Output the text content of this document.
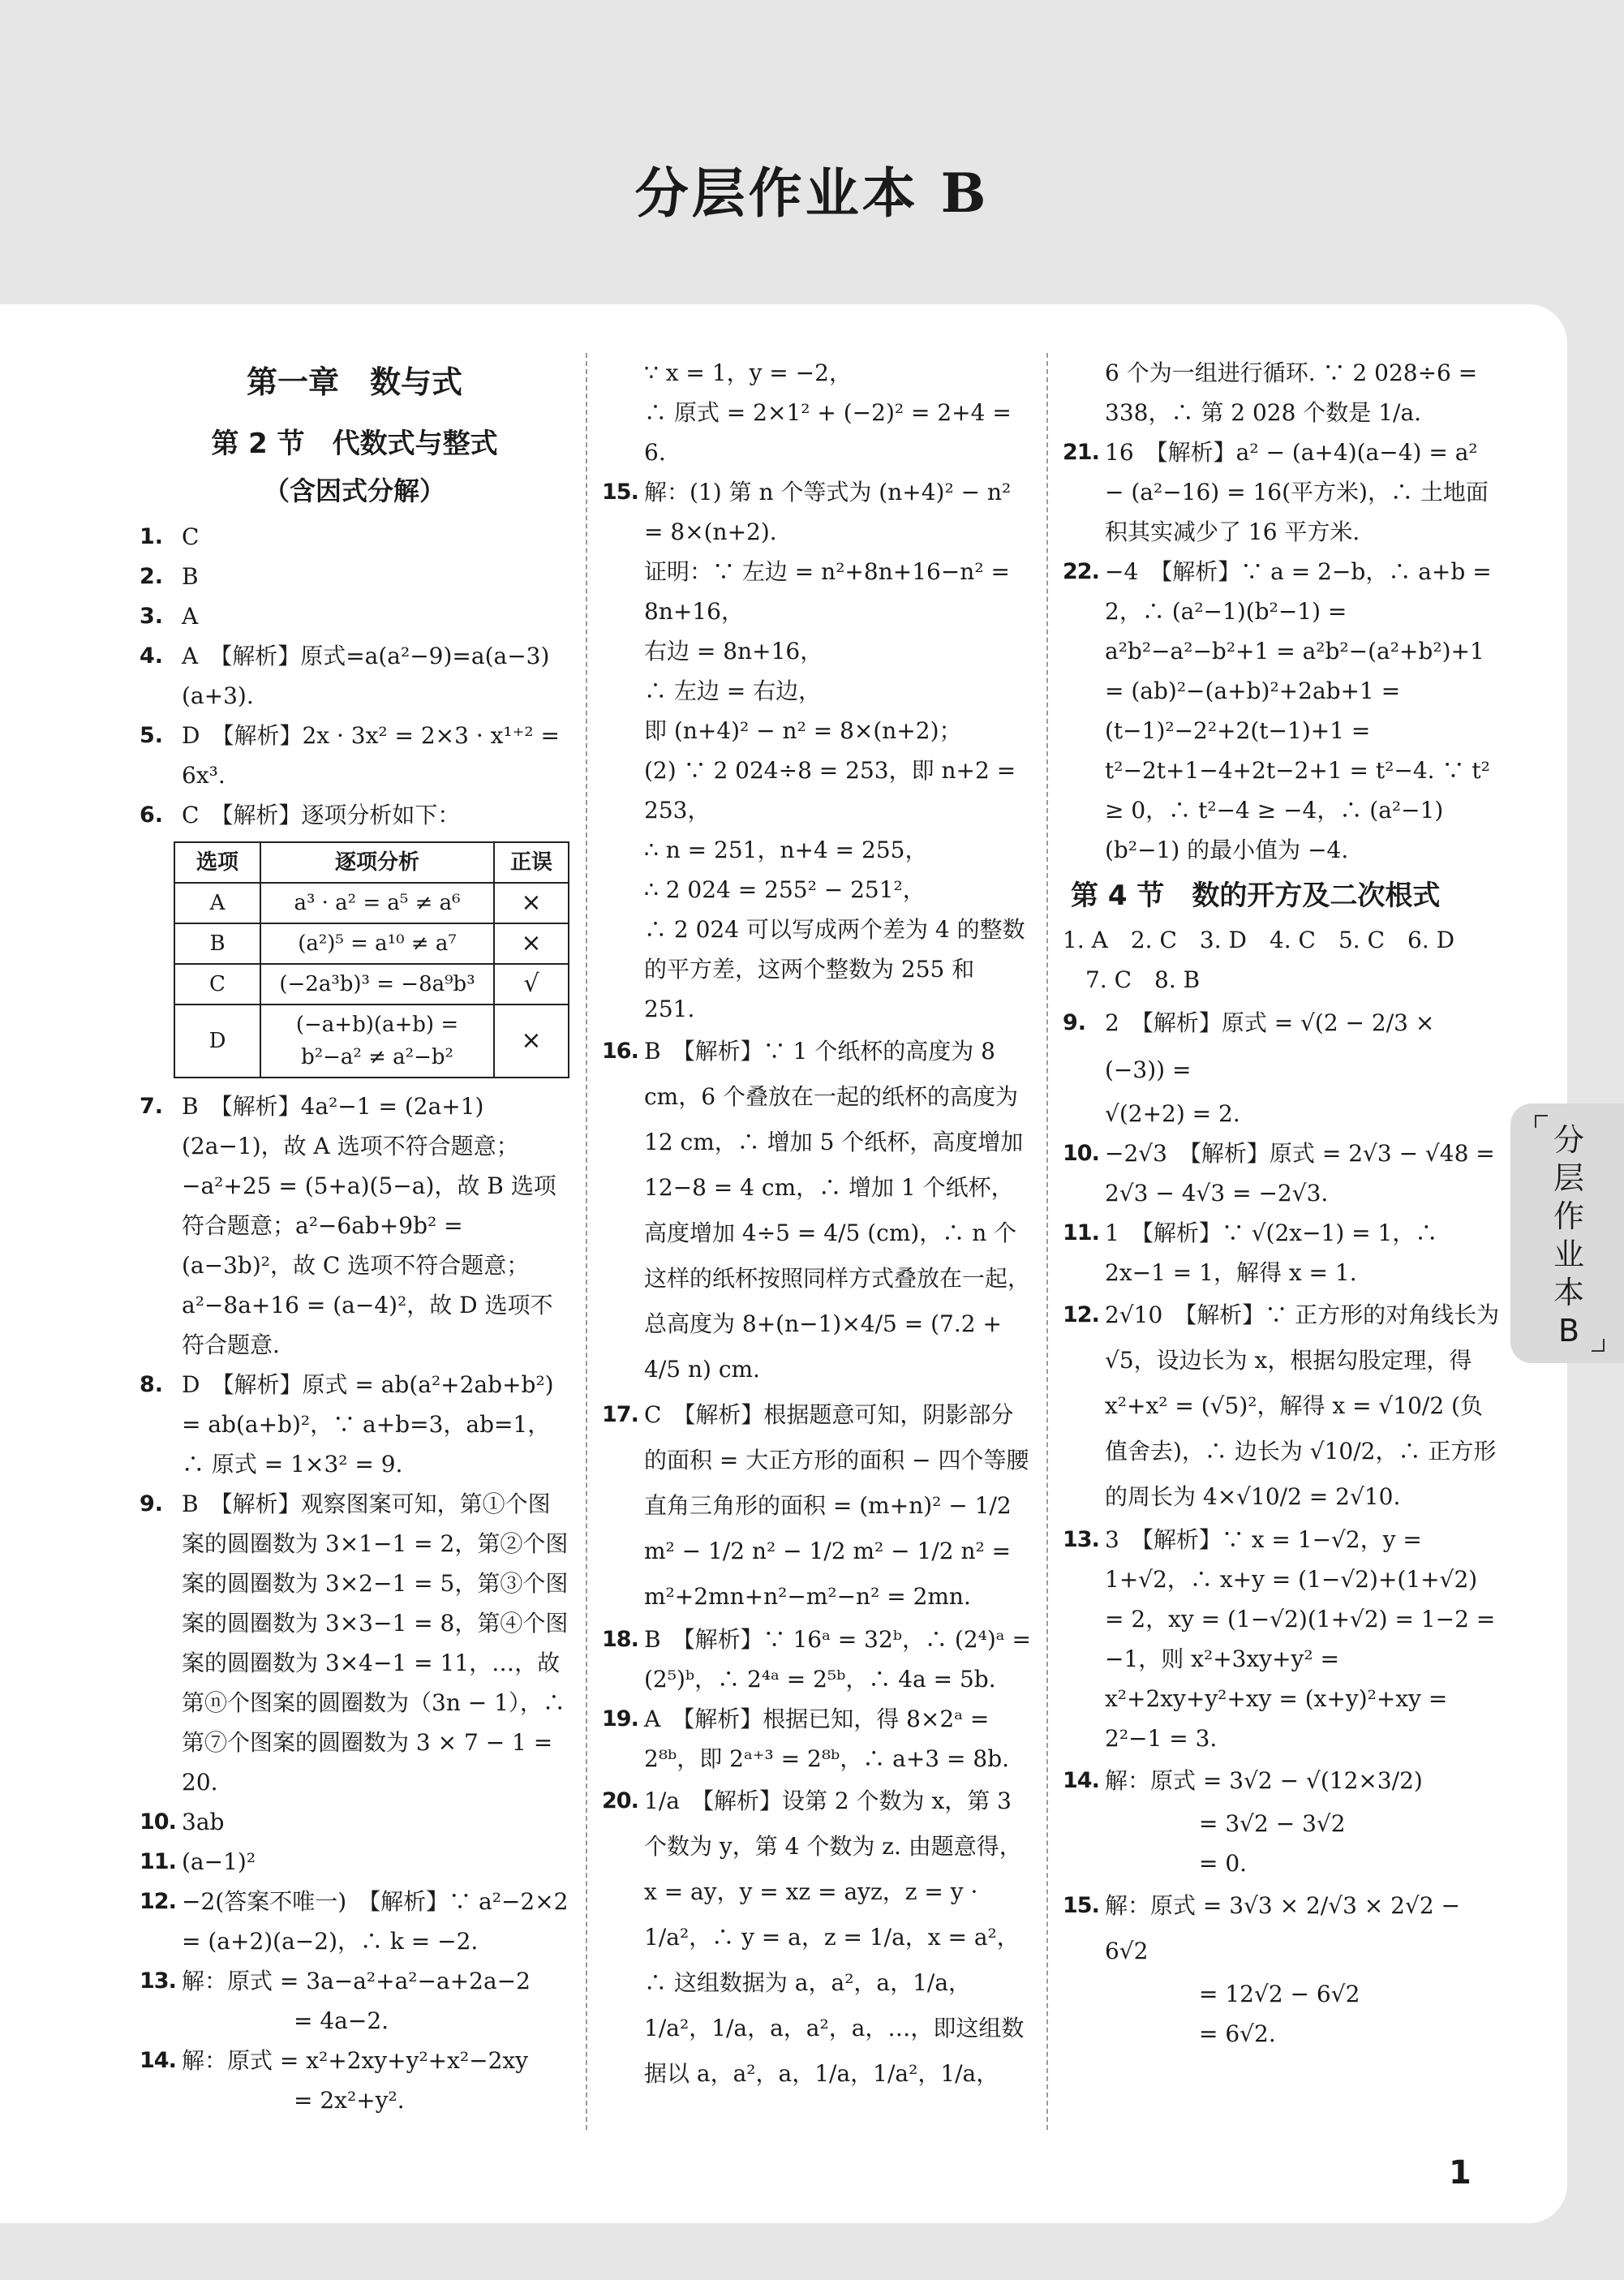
分层作业本 B

第一章　数与式

第 2 节　代数式与整式

（含因式分解）

1. C

2. B

3. A

4. A　【解析】原式=a(a²−9)=a(a−3)(a+3).

5. D　【解析】2x · 3x² = 2×3 · x¹⁺² = 6x³.

6. C　【解析】逐项分析如下：

选项	逐项分析	正误
A	a³ · a² = a⁵ ≠ a⁶	×
B	(a²)⁵ = a¹⁰ ≠ a⁷	×
C	(−2a³b)³ = −8a⁹b³	√
D	(−a+b)(a+b) =
b²−a² ≠ a²−b²	×

7. B　【解析】4a²−1 = (2a+1)(2a−1)，故 A 选项不符合题意；−a²+25 = (5+a)(5−a)，故 B 选项符合题意；a²−6ab+9b² = (a−3b)²，故 C 选项不符合题意；a²−8a+16 = (a−4)²，故 D 选项不符合题意.

8. D　【解析】原式 = ab(a²+2ab+b²) = ab(a+b)²，∵ a+b=3，ab=1，∴ 原式 = 1×3² = 9.

9. B　【解析】观察图案可知，第①个图案的圆圈数为 3×1−1 = 2，第②个图案的圆圈数为 3×2−1 = 5，第③个图案的圆圈数为 3×3−1 = 8，第④个图案的圆圈数为 3×4−1 = 11，…，故第ⓝ个图案的圆圈数为（3n − 1），∴ 第⑦个图案的圆圈数为 3 × 7 − 1 = 20.

10. 3ab

11. (a−1)²

12. −2(答案不唯一)　【解析】∵ a²−2×2 = (a+2)(a−2)，∴ k = −2.

13. 解：原式 = 3a−a²+a²−a+2a−2

= 4a−2.

14. 解：原式 = x²+2xy+y²+x²−2xy

= 2x²+y².

∵ x = 1，y = −2，

∴ 原式 = 2×1² + (−2)² = 2+4 = 6.

15. 解：(1) 第 n 个等式为 (n+4)² − n² = 8×(n+2).

证明：∵ 左边 = n²+8n+16−n² = 8n+16，

右边 = 8n+16，

∴ 左边 = 右边，

即 (n+4)² − n² = 8×(n+2)；

(2) ∵ 2 024÷8 = 253，即 n+2 = 253，

∴ n = 251，n+4 = 255，

∴ 2 024 = 255² − 251²，

∴ 2 024 可以写成两个差为 4 的整数的平方差，这两个整数为 255 和 251.

16. B　【解析】∵ 1 个纸杯的高度为 8 cm，6 个叠放在一起的纸杯的高度为 12 cm，∴ 增加 5 个纸杯，高度增加 12−8 = 4 cm，∴ 增加 1 个纸杯，高度增加 4÷5 = 4/5 (cm)，∴ n 个这样的纸杯按照同样方式叠放在一起，总高度为 8+(n−1)×4/5 = (7.2 + 4/5 n) cm.

17. C　【解析】根据题意可知，阴影部分的面积 = 大正方形的面积 − 四个等腰直角三角形的面积 = (m+n)² − 1/2 m² − 1/2 n² − 1/2 m² − 1/2 n² = m²+2mn+n²−m²−n² = 2mn.

18. B　【解析】∵ 16ᵃ = 32ᵇ，∴ (2⁴)ᵃ = (2⁵)ᵇ，∴ 2⁴ᵃ = 2⁵ᵇ，∴ 4a = 5b.

19. A　【解析】根据已知，得 8×2ᵃ = 2⁸ᵇ，即 2ᵃ⁺³ = 2⁸ᵇ，∴ a+3 = 8b.

20. 1/a　【解析】设第 2 个数为 x，第 3 个数为 y，第 4 个数为 z. 由题意得，x = ay，y = xz = ayz，z = y · 1/a²，∴ y = a，z = 1/a，x = a²，∴ 这组数据为 a，a²，a，1/a，1/a²，1/a，a，a²，a，…，即这组数据以 a，a²，a，1/a，1/a²，1/a，

6 个为一组进行循环. ∵ 2 028÷6 =

338，∴ 第 2 028 个数是 1/a.

21. 16　【解析】a² − (a+4)(a−4) = a² − (a²−16) = 16(平方米)，∴ 土地面积其实减少了 16 平方米.

22. −4　【解析】∵ a = 2−b，∴ a+b = 2，∴ (a²−1)(b²−1) = a²b²−a²−b²+1 = a²b²−(a²+b²)+1 = (ab)²−(a+b)²+2ab+1 = (t−1)²−2²+2(t−1)+1 = t²−2t+1−4+2t−2+1 = t²−4. ∵ t² ≥ 0，∴ t²−4 ≥ −4，∴ (a²−1)(b²−1) 的最小值为 −4.

第 4 节　数的开方及二次根式

1. A　2. C　3. D　4. C　5. C　6. D

7. C　8. B

9. 2　【解析】原式 = √(2 − 2/3 × (−3)) =

√(2+2) = 2.

10. −2√3　【解析】原式 = 2√3 − √48 = 2√3 − 4√3 = −2√3.

11. 1　【解析】∵ √(2x−1) = 1，∴ 2x−1 = 1，解得 x = 1.

12. 2√10　【解析】∵ 正方形的对角线长为 √5，设边长为 x，根据勾股定理，得 x²+x² = (√5)²，解得 x = √10/2 (负值舍去)，∴ 边长为 √10/2，∴ 正方形的周长为 4×√10/2 = 2√10.

13. 3　【解析】∵ x = 1−√2，y = 1+√2，∴ x+y = (1−√2)+(1+√2) = 2，xy = (1−√2)(1+√2) = 1−2 = −1，则 x²+3xy+y² = x²+2xy+y²+xy = (x+y)²+xy = 2²−1 = 3.

14. 解：原式 = 3√2 − √(12×3/2)

= 3√2 − 3√2

= 0.

15. 解：原式 = 3√3 × 2/√3 × 2√2 − 6√2

= 12√2 − 6√2

= 6√2.

分层作业本B
1
